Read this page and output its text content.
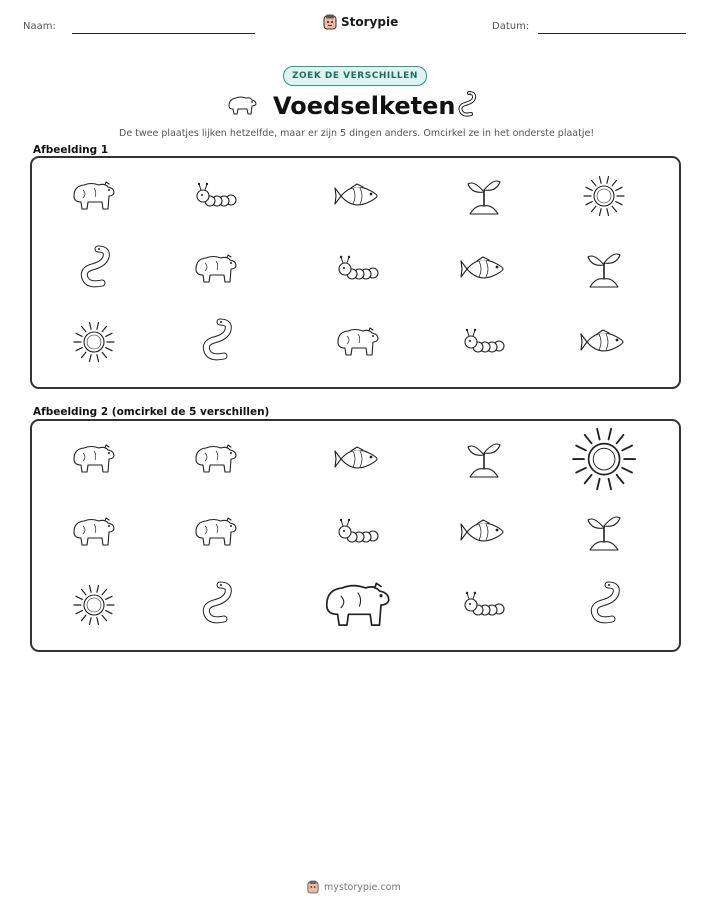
Naam:	Storypie	Datum:
ZOEK DE VERSCHILLEN
Voedselketen
De twee plaatjes lijken hetzelfde, maar er zijn 5 dingen anders. Omcirkel ze in het onderste plaatje!
Afbeelding 1
Afbeelding 2 (omcirkel de 5 verschillen)
mystorypie.com
